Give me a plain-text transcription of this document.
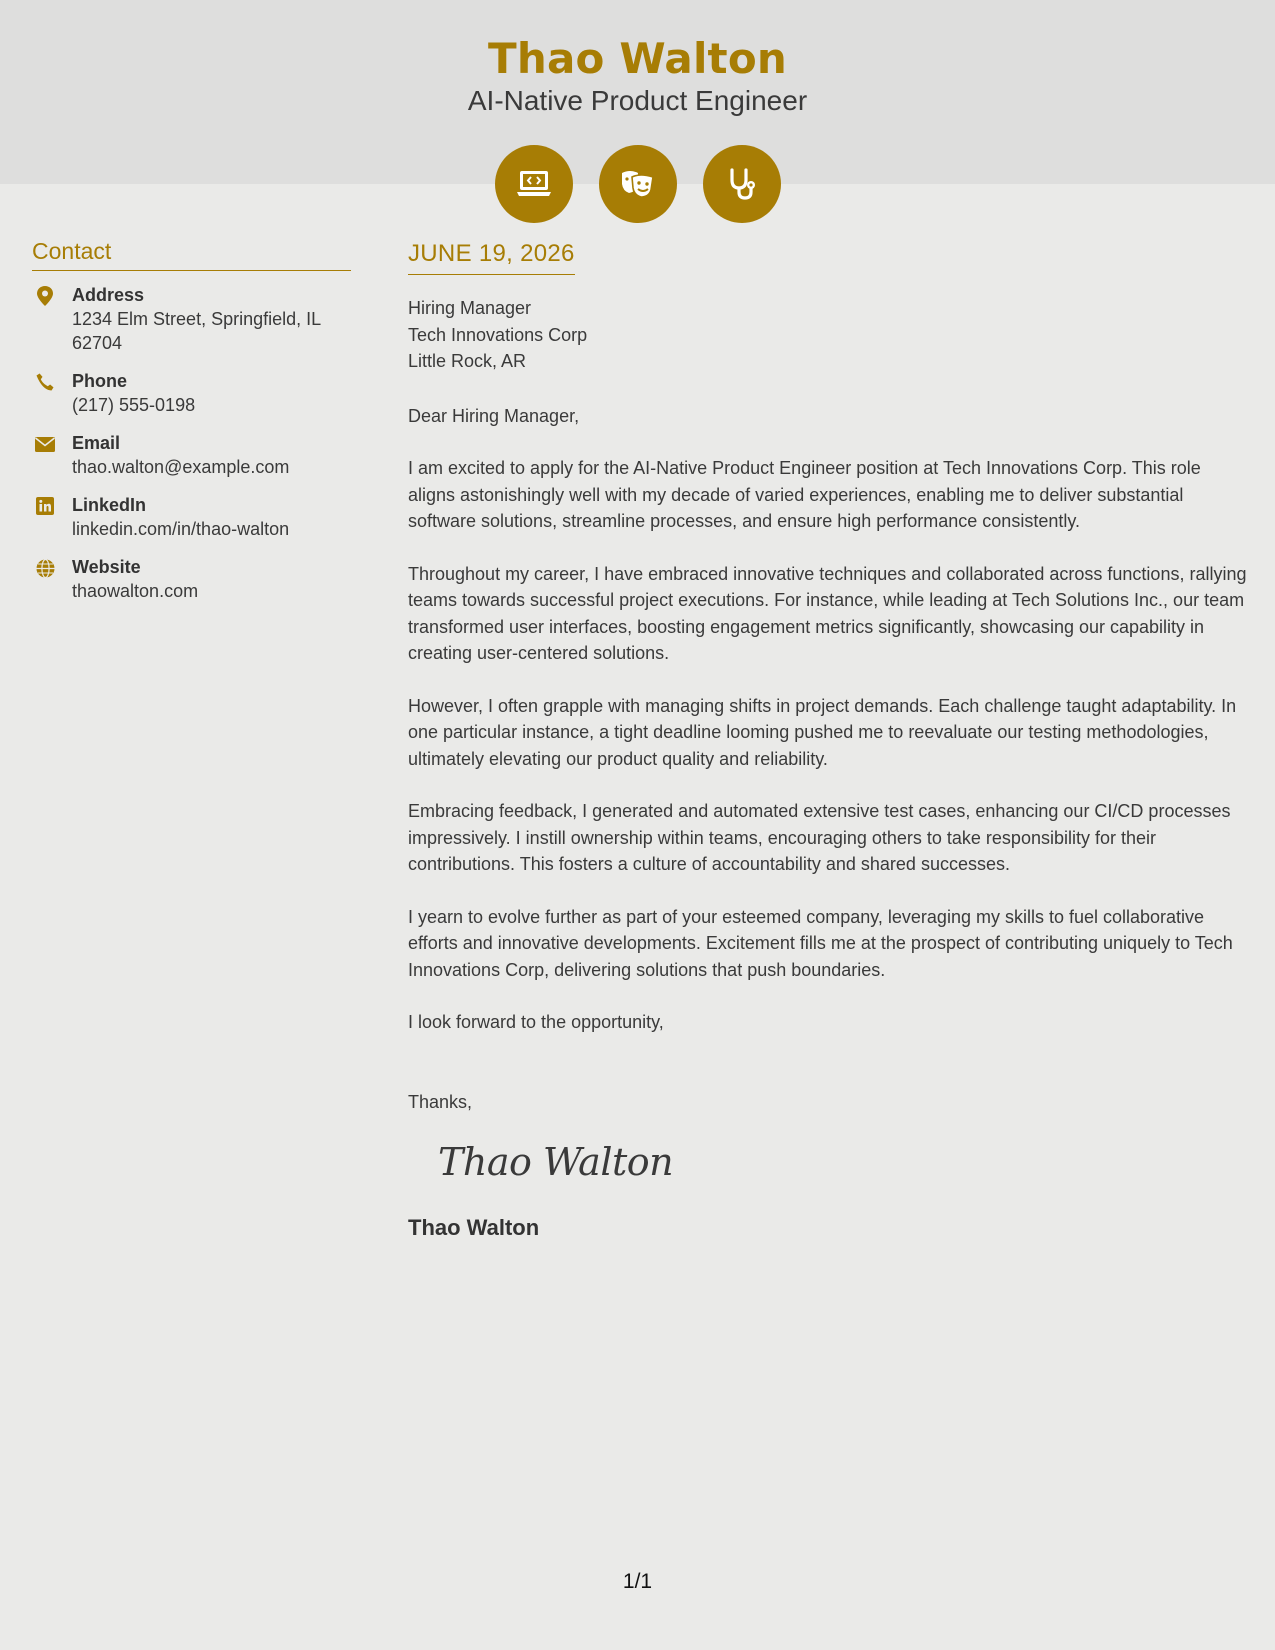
Thao Walton
AI-Native Product Engineer
Contact
Address
1234 Elm Street, Springfield, IL 62704
Phone
(217) 555-0198
Email
thao.walton@example.com
LinkedIn
linkedin.com/in/thao-walton
Website
thaowalton.com
JUNE 19, 2026
Hiring Manager
Tech Innovations Corp
Little Rock, AR
Dear Hiring Manager,
I am excited to apply for the AI-Native Product Engineer position at Tech Innovations Corp. This role aligns astonishingly well with my decade of varied experiences, enabling me to deliver substantial software solutions, streamline processes, and ensure high performance consistently.
Throughout my career, I have embraced innovative techniques and collaborated across functions, rallying teams towards successful project executions. For instance, while leading at Tech Solutions Inc., our team transformed user interfaces, boosting engagement metrics significantly, showcasing our capability in creating user-centered solutions.
However, I often grapple with managing shifts in project demands. Each challenge taught adaptability. In one particular instance, a tight deadline looming pushed me to reevaluate our testing methodologies, ultimately elevating our product quality and reliability.
Embracing feedback, I generated and automated extensive test cases, enhancing our CI/CD processes impressively. I instill ownership within teams, encouraging others to take responsibility for their contributions. This fosters a culture of accountability and shared successes.
I yearn to evolve further as part of your esteemed company, leveraging my skills to fuel collaborative efforts and innovative developments. Excitement fills me at the prospect of contributing uniquely to Tech Innovations Corp, delivering solutions that push boundaries.
I look forward to the opportunity,
Thanks,
Thao Walton
Thao Walton
1/1
